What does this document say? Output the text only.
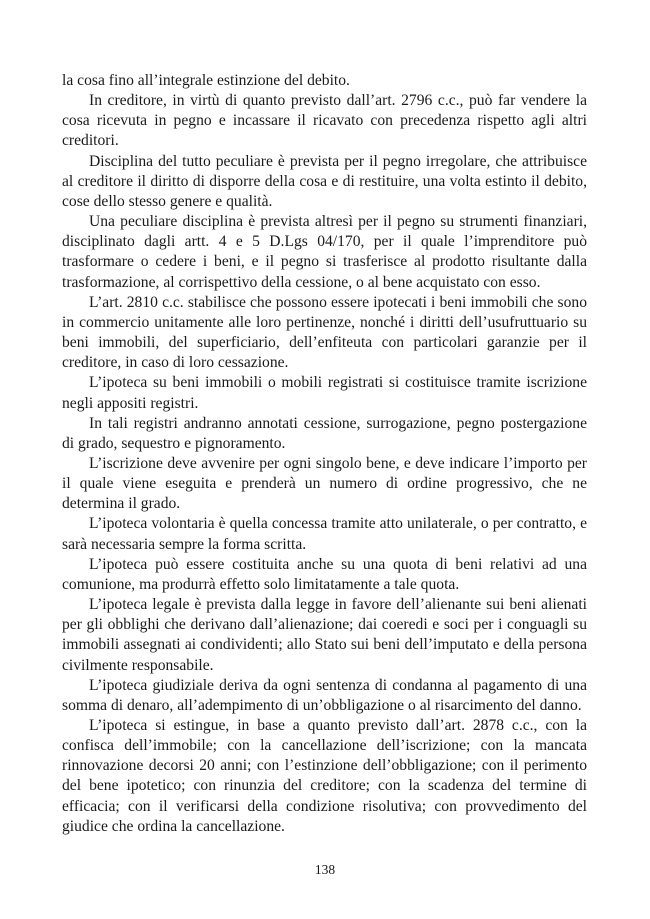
la cosa fino all’integrale estinzione del debito.

In creditore, in virtù di quanto previsto dall’art. 2796 c.c., può far vendere la cosa ricevuta in pegno e incassare il ricavato con precedenza rispetto agli altri creditori.

Disciplina del tutto peculiare è prevista per il pegno irregolare, che attribuisce al creditore il diritto di disporre della cosa e di restituire, una volta estinto il debito, cose dello stesso genere e qualità.

Una peculiare disciplina è prevista altresì per il pegno su strumenti finanziari, disciplinato dagli artt. 4 e 5 D.Lgs 04/170, per il quale l’imprenditore può trasformare o cedere i beni, e il pegno si trasferisce al prodotto risultante dalla trasformazione, al corrispettivo della cessione, o al bene acquistato con esso.

L’art. 2810 c.c. stabilisce che possono essere ipotecati i beni immobili che sono in commercio unitamente alle loro pertinenze, nonché i diritti dell’usufruttuario su beni immobili, del superficiario, dell’enfiteuta con particolari garanzie per il creditore, in caso di loro cessazione.

L’ipoteca su beni immobili o mobili registrati si costituisce tramite iscrizione negli appositi registri.

In tali registri andranno annotati cessione, surrogazione, pegno postergazione di grado, sequestro e pignoramento.

L’iscrizione deve avvenire per ogni singolo bene, e deve indicare l’importo per il quale viene eseguita e prenderà un numero di ordine progressivo, che ne determina il grado.

L’ipoteca volontaria è quella concessa tramite atto unilaterale, o per contratto, e sarà necessaria sempre la forma scritta.

L’ipoteca può essere costituita anche su una quota di beni relativi ad una comunione, ma produrrà effetto solo limitatamente a tale quota.

L’ipoteca legale è prevista dalla legge in favore dell’alienante sui beni alienati per gli obblighi che derivano dall’alienazione; dai coeredi e soci per i conguagli su immobili assegnati ai condividenti; allo Stato sui beni dell’imputato e della persona civilmente responsabile.

L’ipoteca giudiziale deriva da ogni sentenza di condanna al pagamento di una somma di denaro, all’adempimento di un’obbligazione o al risarcimento del danno.

L’ipoteca si estingue, in base a quanto previsto dall’art. 2878 c.c., con la confisca dell’immobile; con la cancellazione dell’iscrizione; con la mancata rinnovazione decorsi 20 anni; con l’estinzione dell’obbligazione; con il perimento del bene ipotetico; con rinunzia del creditore; con la scadenza del termine di efficacia; con il verificarsi della condizione risolutiva; con provvedimento del giudice che ordina la cancellazione.

138
